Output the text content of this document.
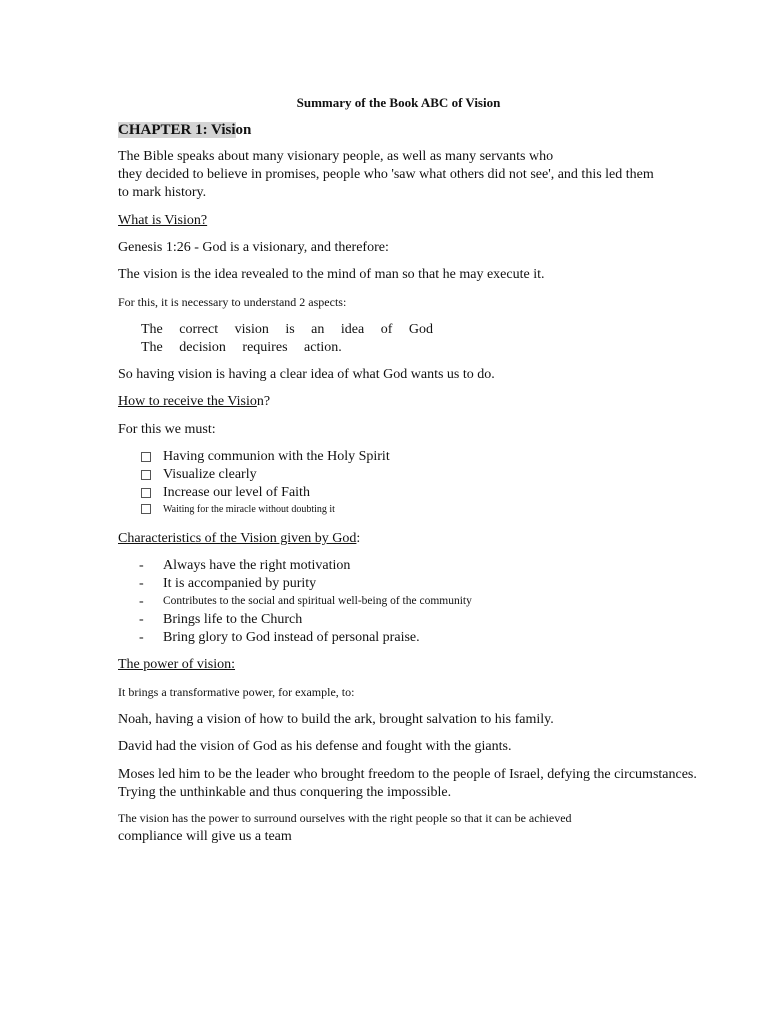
Summary of the Book ABC of Vision
CHAPTER 1: Vision
The Bible speaks about many visionary people, as well as many servants who
they decided to believe in promises, people who 'saw what others did not see', and this led them
to mark history.
What is Vision?
Genesis 1:26 - God is a visionary, and therefore:
The vision is the idea revealed to the mind of man so that he may execute it.
For this, it is necessary to understand 2 aspects:
The correct vision is an idea of God
The decision requires action.
So having vision is having a clear idea of what God wants us to do.
How to receive the Vision?
For this we must:
Having communion with the Holy Spirit
Visualize clearly
Increase our level of Faith
Waiting for the miracle without doubting it
Characteristics of the Vision given by God:
- Always have the right motivation
- It is accompanied by purity
- Contributes to the social and spiritual well-being of the community
- Brings life to the Church
- Bring glory to God instead of personal praise.
The power of vision:
It brings a transformative power, for example, to:
Noah, having a vision of how to build the ark, brought salvation to his family.
David had the vision of God as his defense and fought with the giants.
Moses led him to be the leader who brought freedom to the people of Israel, defying the circumstances.
Trying the unthinkable and thus conquering the impossible.
The vision has the power to surround ourselves with the right people so that it can be achieved
compliance will give us a team
